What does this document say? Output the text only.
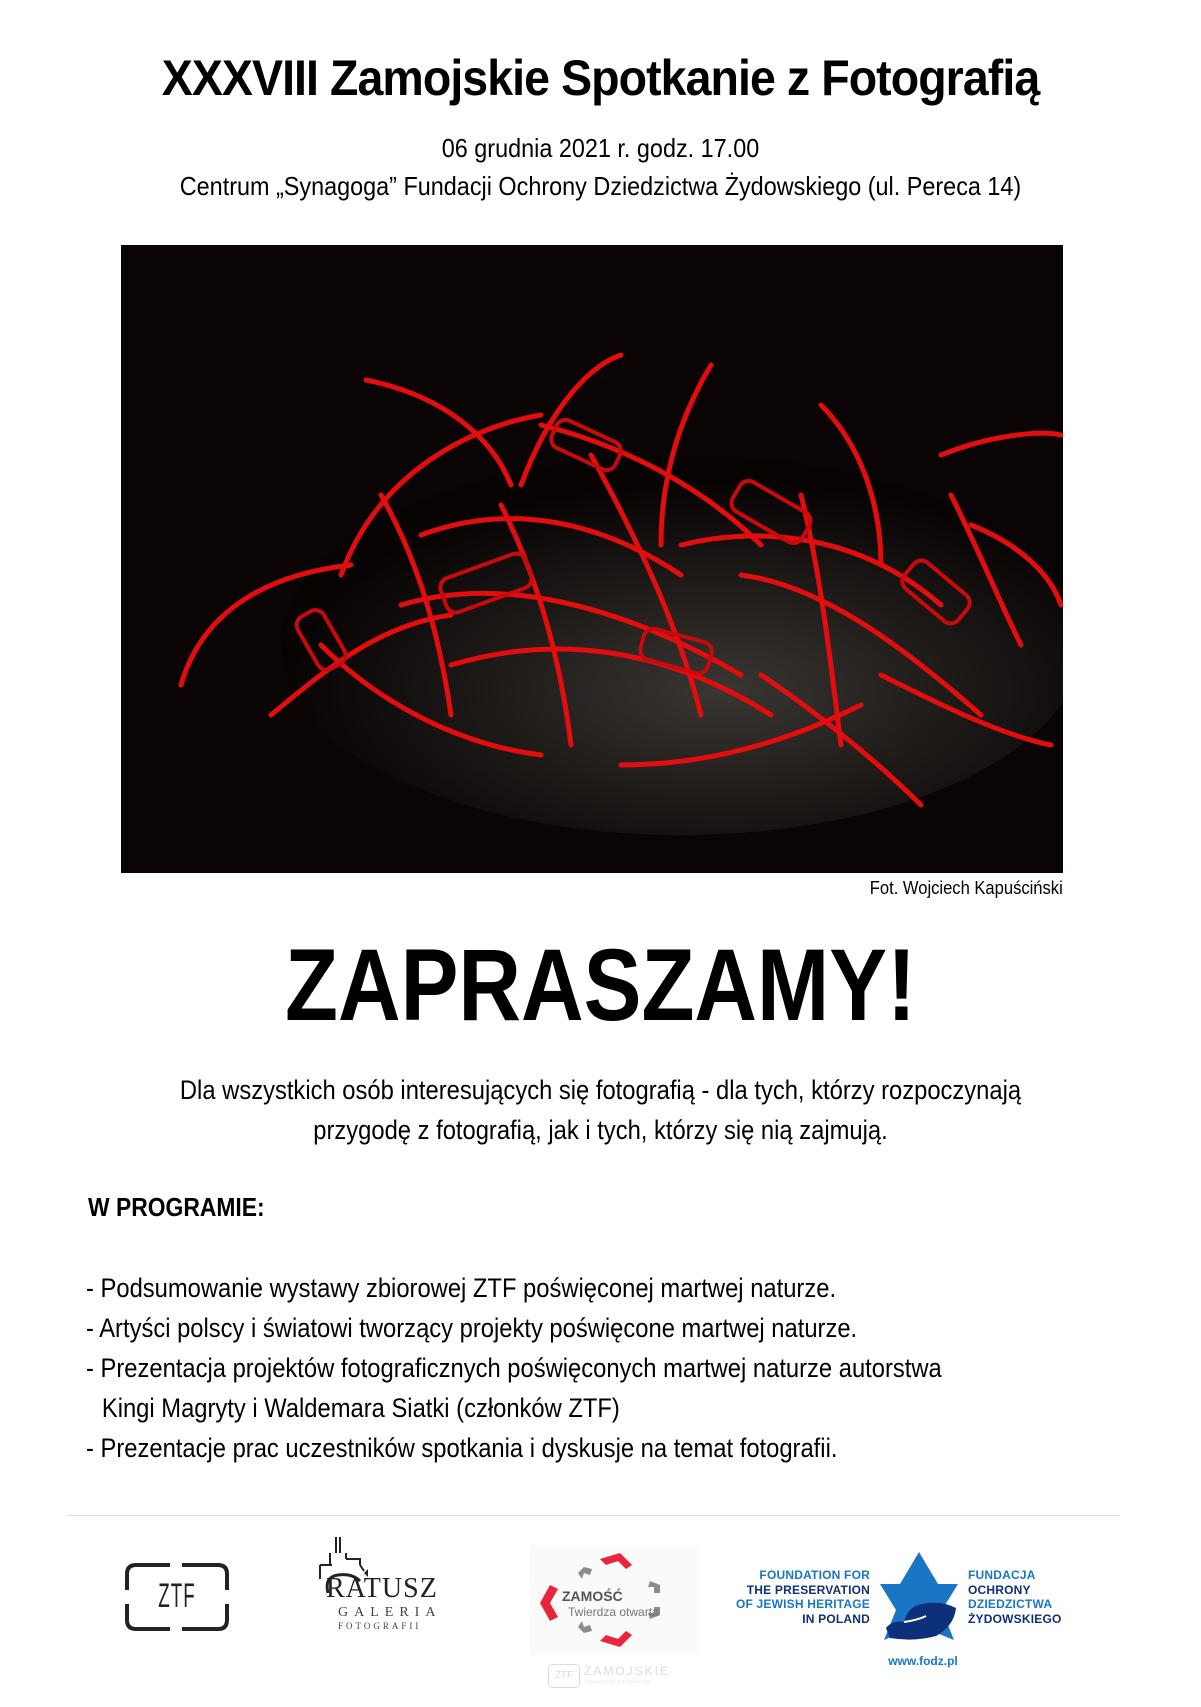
XXXVIII Zamojskie Spotkanie z Fotografią
06 grudnia 2021 r. godz. 17.00
Centrum „Synagoga” Fundacji Ochrony Dziedzictwa Żydowskiego (ul. Pereca 14)
Fot. Wojciech Kapuściński
ZAPRASZAMY!
Dla wszystkich osób interesujących się fotografią - dla tych, którzy rozpoczynają
przygodę z fotografią, jak i tych, którzy się nią zajmują.
W PROGRAMIE:
- Podsumowanie wystawy zbiorowej ZTF poświęconej martwej naturze.
- Artyści polscy i światowi tworzący projekty poświęcone martwej naturze.
- Prezentacja projektów fotograficznych poświęconych martwej naturze autorstwa
Kingi Magryty i Waldemara Siatki (członków ZTF)
- Prezentacje prac uczestników spotkania i dyskusje na temat fotografii.
ZTF	RATUSZ
GALERIA
FOTOGRAFII
ZAMOŚĆ
Twierdza otwarta
ZTF ZAMOJSKIE
TOWARZYSTWO FOTOGRAFICZNE
FOUNDATION FOR
THE PRESERVATION
OF JEWISH HERITAGE
IN POLAND
FUNDACJA
OCHRONY
DZIEDZICTWA
ŻYDOWSKIEGO
www.fodz.pl
